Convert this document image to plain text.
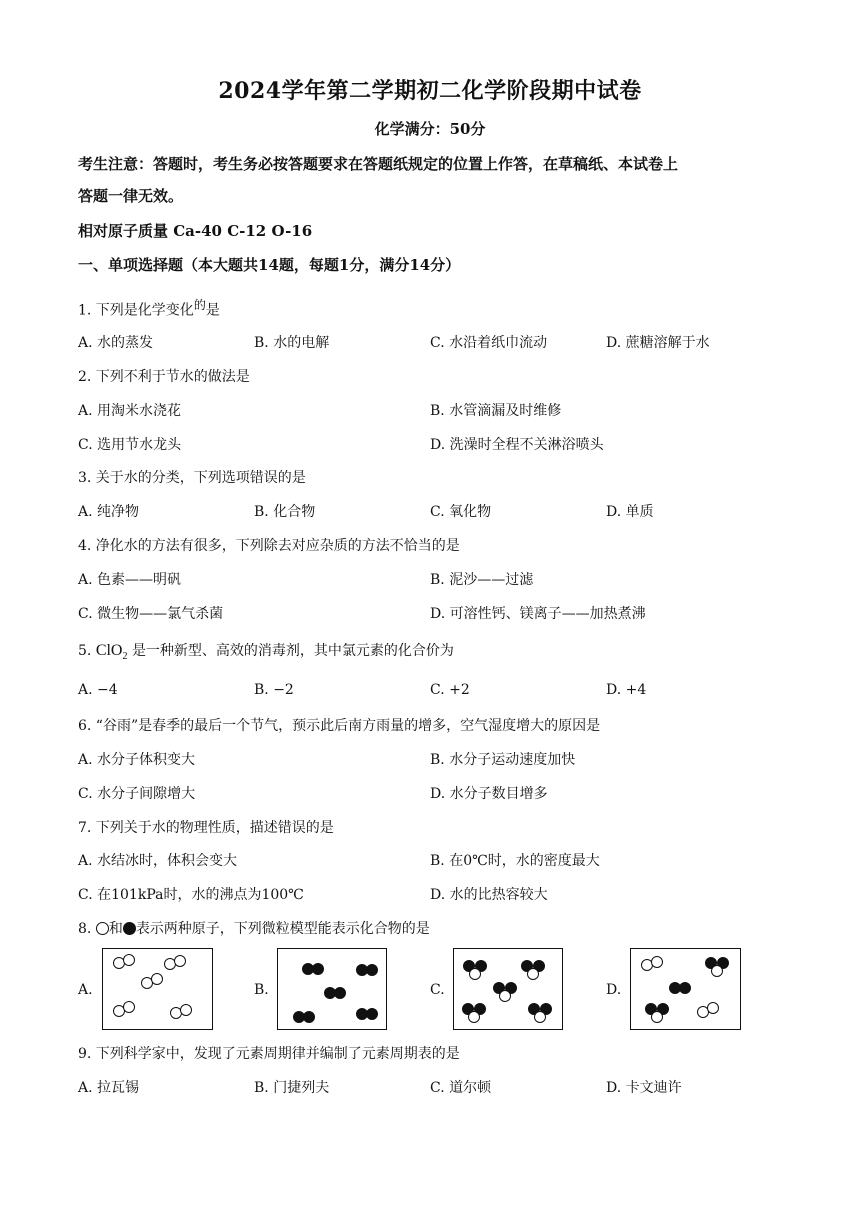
2024学年第二学期初二化学阶段期中试卷
化学满分：50分
考生注意：答题时，考生务必按答题要求在答题纸规定的位置上作答，在草稿纸、本试卷上
答题一律无效。
相对原子质量 Ca-40 C-12 O-16
一、单项选择题（本大题共14题，每题1分，满分14分）
1. 下列是化学变化$^的$是
A. 水的蒸发	B. 水的电解	C. 水沿着纸巾流动	D. 蔗糖溶解于水
2. 下列不利于节水的做法是
A. 用淘米水浇花	B. 水管滴漏及时维修
C. 选用节水龙头	D. 洗澡时全程不关淋浴喷头
3. 关于水的分类，下列选项错误的是
A. 纯净物	B. 化合物	C. 氧化物	D. 单质
4. 净化水的方法有很多，下列除去对应杂质的方法不恰当的是
A. 色素——明矾	B. 泥沙——过滤
C. 微生物——氯气杀菌	D. 可溶性钙、镁离子——加热煮沸
5. ClO$_2$ 是一种新型、高效的消毒剂，其中氯元素的化合价为
A. −4	B. −2	C. +2	D. +4
6. “谷雨”是春季的最后一个节气，预示此后南方雨量的增多，空气湿度增大的原因是
A. 水分子体积变大	B. 水分子运动速度加快
C. 水分子间隙增大	D. 水分子数目增多
7. 下列关于水的物理性质，描述错误的是
A. 水结冰时，体积会变大	B. 在0℃时，水的密度最大
C. 在101kPa时，水的沸点为100℃	D. 水的比热容较大
8. 和 表示两种原子，下列微粒模型能表示化合物的是
A.	B.	C.	D.
9. 下列科学家中，发现了元素周期律并编制了元素周期表的是
A. 拉瓦锡	B. 门捷列夫	C. 道尔顿	D. 卡文迪许
